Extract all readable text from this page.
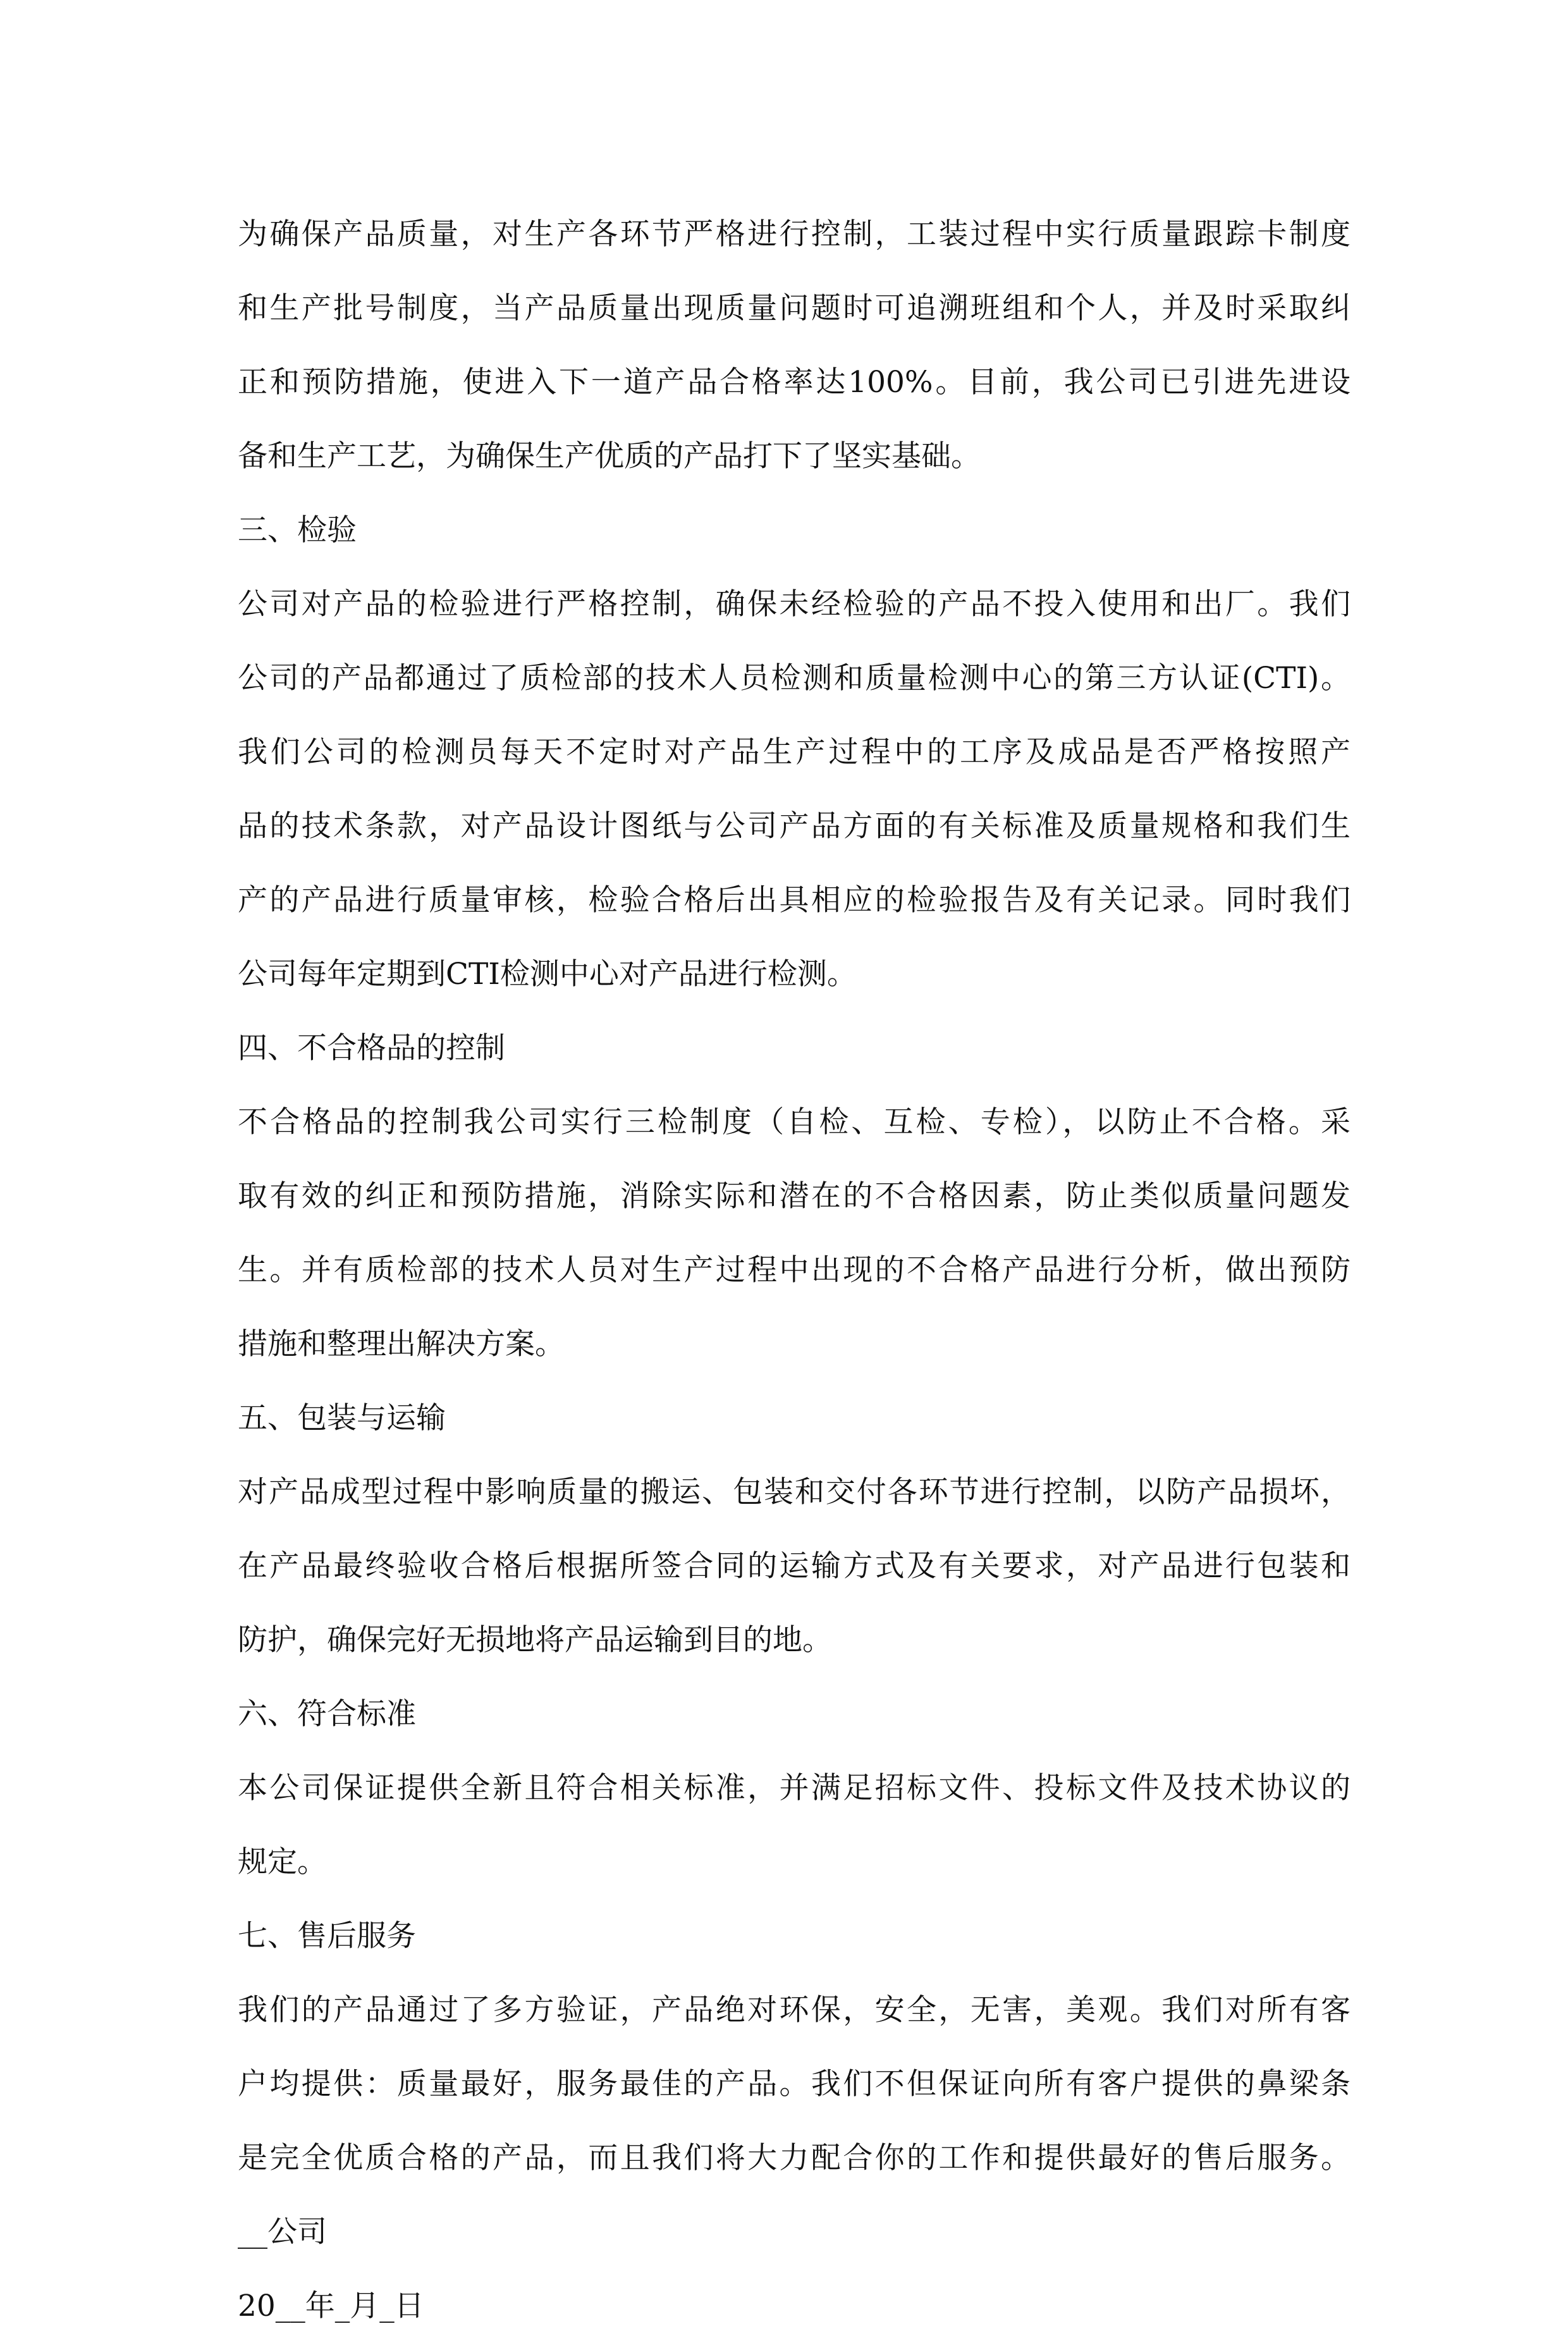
为确保产品质量，对生产各环节严格进行控制，工装过程中实行质量跟踪卡制度
和生产批号制度，当产品质量出现质量问题时可追溯班组和个人，并及时采取纠
正和预防措施，使进入下一道产品合格率达100%。目前，我公司已引进先进设
备和生产工艺，为确保生产优质的产品打下了坚实基础。
三、检验
公司对产品的检验进行严格控制，确保未经检验的产品不投入使用和出厂。我们
公司的产品都通过了质检部的技术人员检测和质量检测中心的第三方认证(CTI)。
我们公司的检测员每天不定时对产品生产过程中的工序及成品是否严格按照产
品的技术条款，对产品设计图纸与公司产品方面的有关标准及质量规格和我们生
产的产品进行质量审核，检验合格后出具相应的检验报告及有关记录。同时我们
公司每年定期到CTI检测中心对产品进行检测。
四、不合格品的控制
不合格品的控制我公司实行三检制度（自检、互检、专检），以防止不合格。采
取有效的纠正和预防措施，消除实际和潜在的不合格因素，防止类似质量问题发
生。并有质检部的技术人员对生产过程中出现的不合格产品进行分析，做出预防
措施和整理出解决方案。
五、包装与运输
对产品成型过程中影响质量的搬运、包装和交付各环节进行控制，以防产品损坏，
在产品最终验收合格后根据所签合同的运输方式及有关要求，对产品进行包装和
防护，确保完好无损地将产品运输到目的地。
六、符合标准
本公司保证提供全新且符合相关标准，并满足招标文件、投标文件及技术协议的
规定。
七、售后服务
我们的产品通过了多方验证，产品绝对环保，安全，无害，美观。我们对所有客
户均提供：质量最好，服务最佳的产品。我们不但保证向所有客户提供的鼻梁条
是完全优质合格的产品，而且我们将大力配合你的工作和提供最好的售后服务。
__公司
20__年_月_日
